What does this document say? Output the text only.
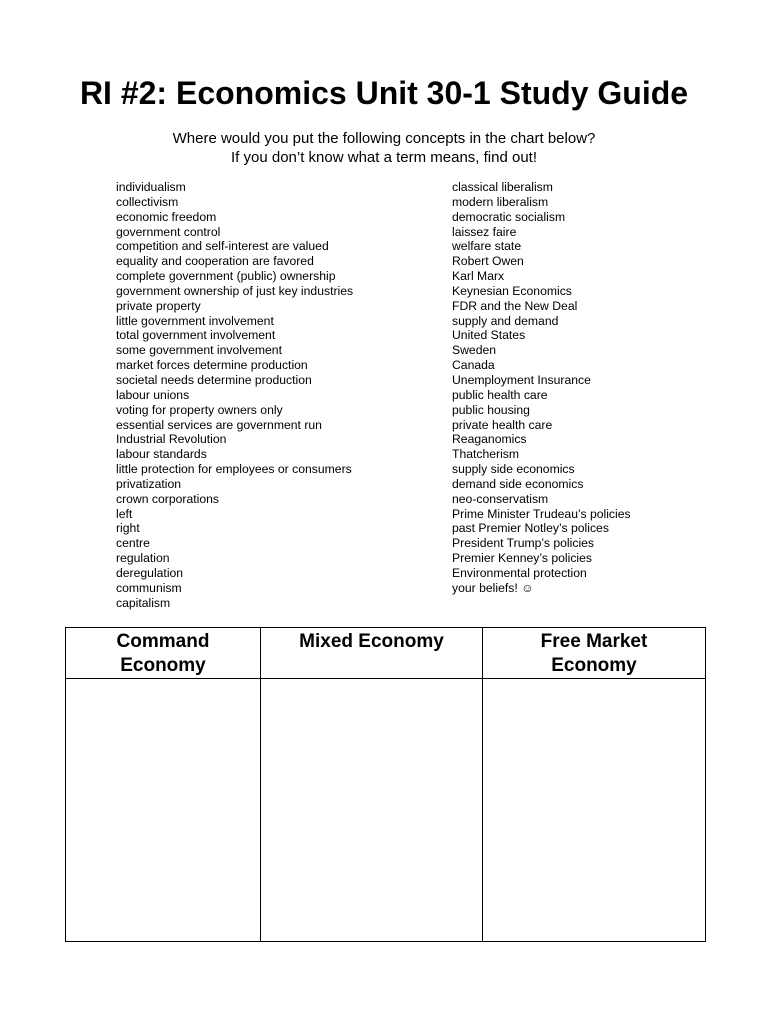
RI #2: Economics Unit 30-1 Study Guide
Where would you put the following concepts in the chart below?
If you don’t know what a term means, find out!
individualism
collectivism
economic freedom
government control
competition and self-interest are valued
equality and cooperation are favored
complete government (public) ownership
government ownership of just key industries
private property
little government involvement
total government involvement
some government involvement
market forces determine production
societal needs determine production
labour unions
voting for property owners only
essential services are government run
Industrial Revolution
labour standards
little protection for employees or consumers
privatization
crown corporations
left
right
centre
regulation
deregulation
communism
capitalism
classical liberalism
modern liberalism
democratic socialism
laissez faire
welfare state
Robert Owen
Karl Marx
Keynesian Economics
FDR and the New Deal
supply and demand
United States
Sweden
Canada
Unemployment Insurance
public health care
public housing
private health care
Reaganomics
Thatcherism
supply side economics
demand side economics
neo-conservatism
Prime Minister Trudeau’s policies
past Premier Notley’s polices
President Trump’s policies
Premier Kenney’s policies
Environmental protection
your beliefs! ☺
Command Economy	Mixed Economy	Free Market Economy
